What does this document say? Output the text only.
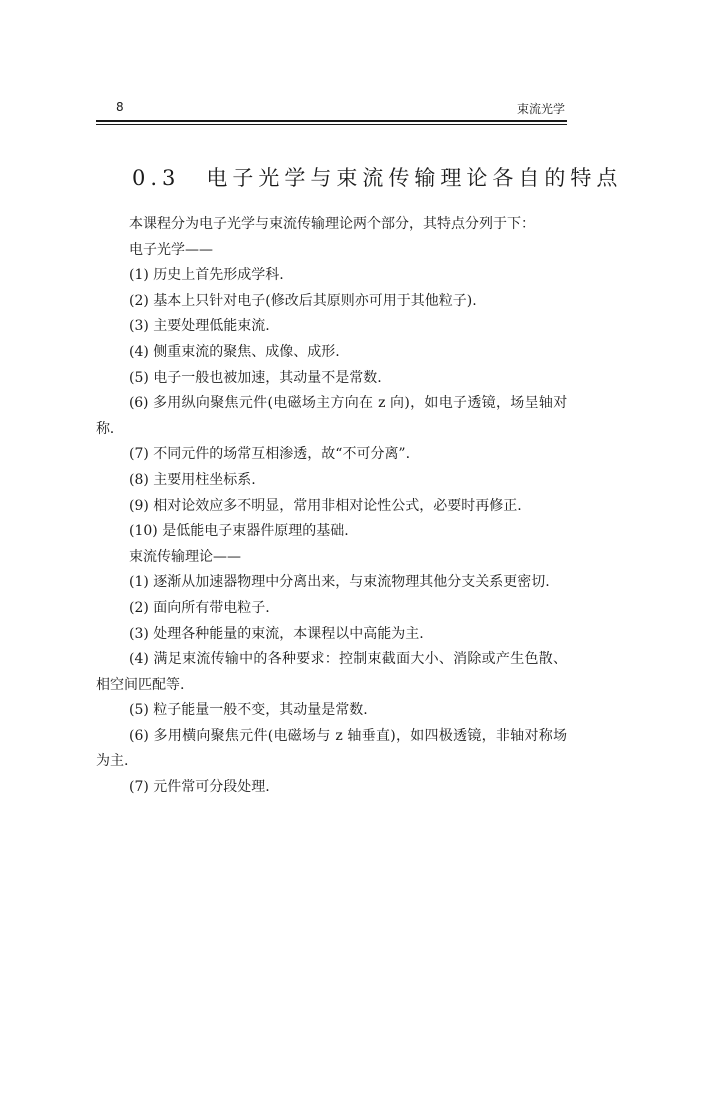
8	束流光学
0.3　电子光学与束流传输理论各自的特点

本课程分为电子光学与束流传输理论两个部分，其特点分列于下：

电子光学——

(1) 历史上首先形成学科.

(2) 基本上只针对电子(修改后其原则亦可用于其他粒子).

(3) 主要处理低能束流.

(4) 侧重束流的聚焦、成像、成形.

(5) 电子一般也被加速，其动量不是常数.

(6) 多用纵向聚焦元件(电磁场主方向在 z 向)，如电子透镜，场呈轴对称.

(7) 不同元件的场常互相渗透，故“不可分离”.

(8) 主要用柱坐标系.

(9) 相对论效应多不明显，常用非相对论性公式，必要时再修正.

(10) 是低能电子束器件原理的基础.

束流传输理论——

(1) 逐渐从加速器物理中分离出来，与束流物理其他分支关系更密切.

(2) 面向所有带电粒子.

(3) 处理各种能量的束流，本课程以中高能为主.

(4) 满足束流传输中的各种要求：控制束截面大小、消除或产生色散、相空间匹配等.

(5) 粒子能量一般不变，其动量是常数.

(6) 多用横向聚焦元件(电磁场与 z 轴垂直)，如四极透镜，非轴对称场为主.

(7) 元件常可分段处理.
